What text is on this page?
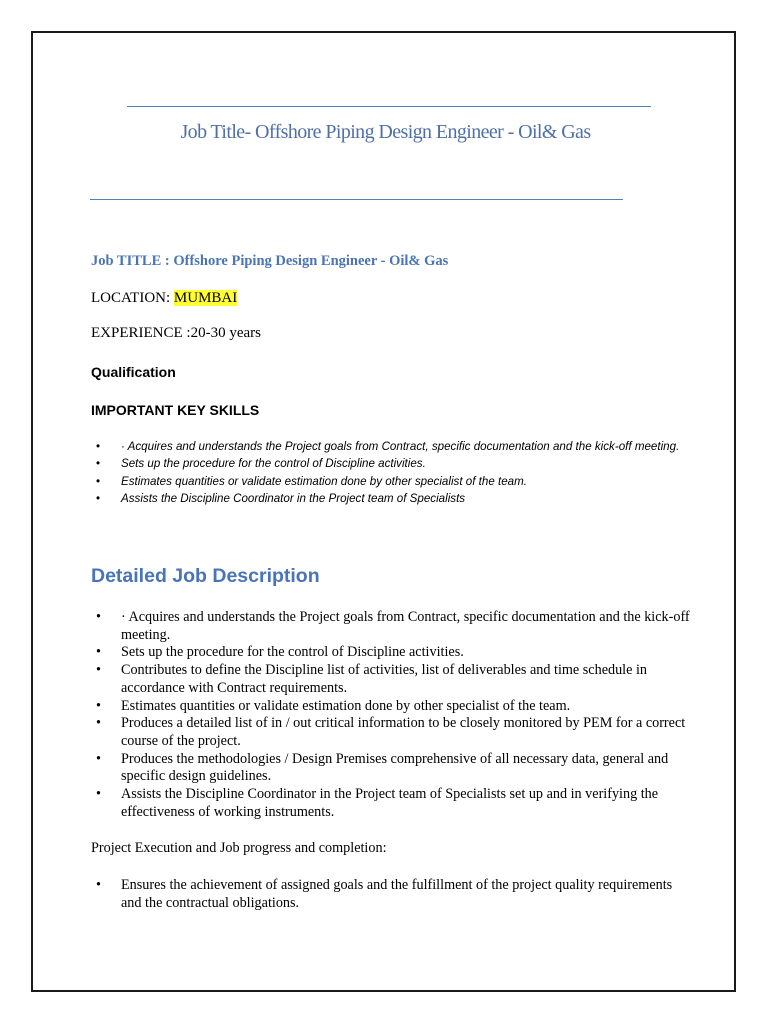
Job Title- Offshore Piping Design Engineer - Oil& Gas

Job TITLE : Offshore Piping Design Engineer - Oil& Gas

LOCATION: MUMBAI

EXPERIENCE :20-30 years

Qualification

IMPORTANT KEY SKILLS

• · Acquires and understands the Project goals from Contract, specific documentation and the kick-off meeting.
• Sets up the procedure for the control of Discipline activities.
• Estimates quantities or validate estimation done by other specialist of the team.
• Assists the Discipline Coordinator in the Project team of Specialists

Detailed Job Description

• · Acquires and understands the Project goals from Contract, specific documentation and the kick-off meeting.
• Sets up the procedure for the control of Discipline activities.
• Contributes to define the Discipline list of activities, list of deliverables and time schedule in accordance with Contract requirements.
• Estimates quantities or validate estimation done by other specialist of the team.
• Produces a detailed list of in / out critical information to be closely monitored by PEM for a correct course of the project.
• Produces the methodologies / Design Premises comprehensive of all necessary data, general and specific design guidelines.
• Assists the Discipline Coordinator in the Project team of Specialists set up and in verifying the effectiveness of working instruments.

Project Execution and Job progress and completion:

• Ensures the achievement of assigned goals and the fulfillment of the project quality requirements and the contractual obligations.
